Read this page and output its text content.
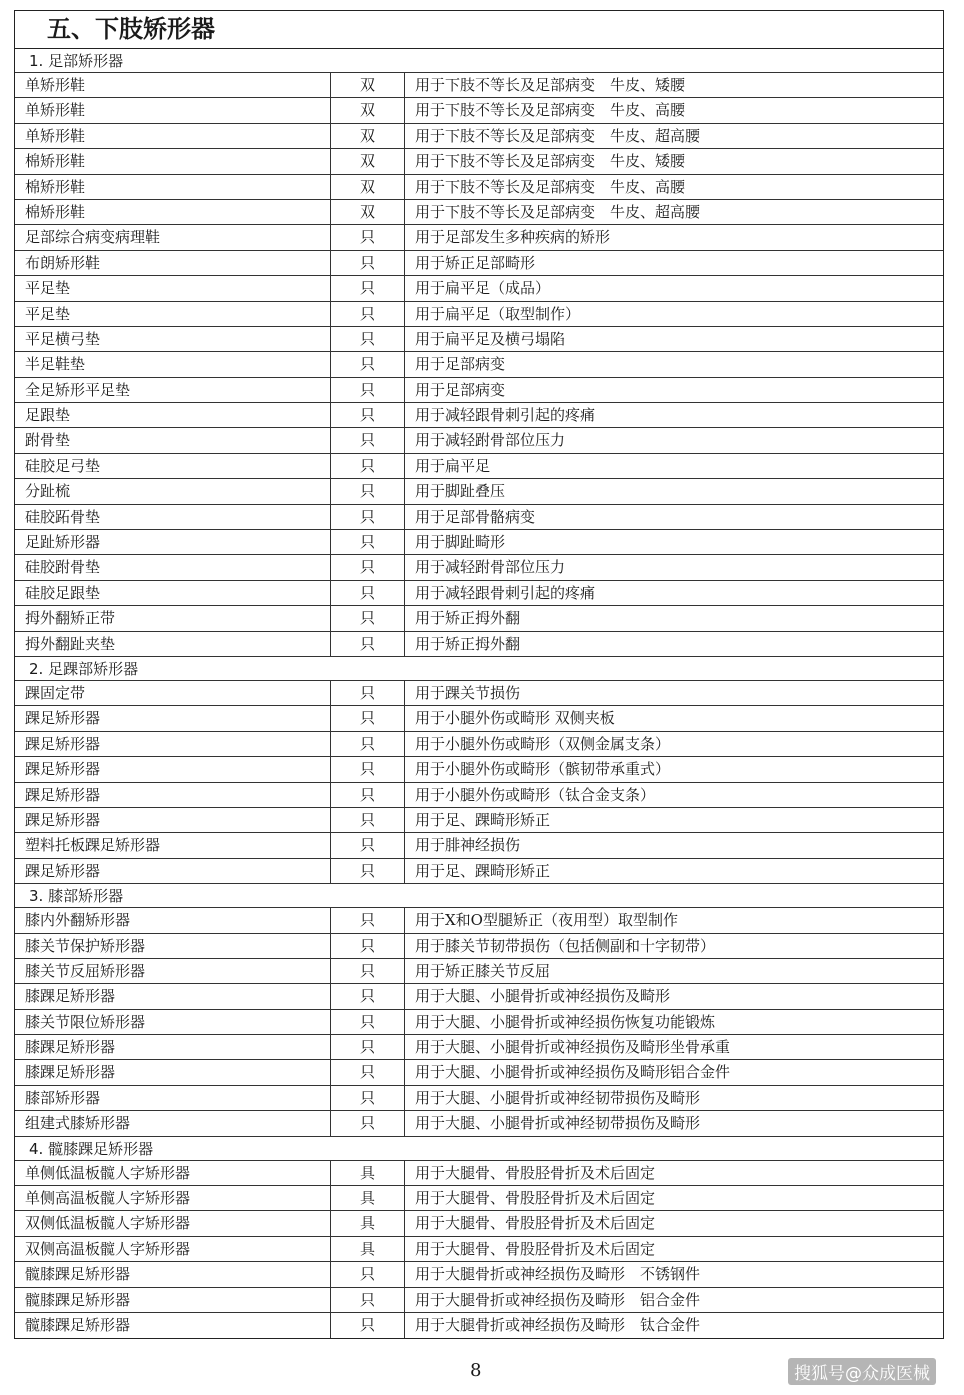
五、下肢矫形器
1. 足部矫形器
单矫形鞋	双	用于下肢不等长及足部病变　牛皮、矮腰
单矫形鞋	双	用于下肢不等长及足部病变　牛皮、高腰
单矫形鞋	双	用于下肢不等长及足部病变　牛皮、超高腰
棉矫形鞋	双	用于下肢不等长及足部病变　牛皮、矮腰
棉矫形鞋	双	用于下肢不等长及足部病变　牛皮、高腰
棉矫形鞋	双	用于下肢不等长及足部病变　牛皮、超高腰
足部综合病变病理鞋	只	用于足部发生多种疾病的矫形
布朗矫形鞋	只	用于矫正足部畸形
平足垫	只	用于扁平足（成品）
平足垫	只	用于扁平足（取型制作）
平足横弓垫	只	用于扁平足及横弓塌陷
半足鞋垫	只	用于足部病变
全足矫形平足垫	只	用于足部病变
足跟垫	只	用于减轻跟骨刺引起的疼痛
跗骨垫	只	用于减轻跗骨部位压力
硅胶足弓垫	只	用于扁平足
分趾梳	只	用于脚趾叠压
硅胶跖骨垫	只	用于足部骨骼病变
足趾矫形器	只	用于脚趾畸形
硅胶跗骨垫	只	用于减轻跗骨部位压力
硅胶足跟垫	只	用于减轻跟骨刺引起的疼痛
拇外翻矫正带	只	用于矫正拇外翻
拇外翻趾夹垫	只	用于矫正拇外翻
2. 足踝部矫形器
踝固定带	只	用于踝关节损伤
踝足矫形器	只	用于小腿外伤或畸形 双侧夹板
踝足矫形器	只	用于小腿外伤或畸形（双侧金属支条）
踝足矫形器	只	用于小腿外伤或畸形（髌韧带承重式）
踝足矫形器	只	用于小腿外伤或畸形（钛合金支条）
踝足矫形器	只	用于足、踝畸形矫正
塑料托板踝足矫形器	只	用于腓神经损伤
踝足矫形器	只	用于足、踝畸形矫正
3. 膝部矫形器
膝内外翻矫形器	只	用于X和O型腿矫正（夜用型）取型制作
膝关节保护矫形器	只	用于膝关节韧带损伤（包括侧副和十字韧带）
膝关节反屈矫形器	只	用于矫正膝关节反屈
膝踝足矫形器	只	用于大腿、小腿骨折或神经损伤及畸形
膝关节限位矫形器	只	用于大腿、小腿骨折或神经损伤恢复功能锻炼
膝踝足矫形器	只	用于大腿、小腿骨折或神经损伤及畸形坐骨承重
膝踝足矫形器	只	用于大腿、小腿骨折或神经损伤及畸形铝合金件
膝部矫形器	只	用于大腿、小腿骨折或神经韧带损伤及畸形
组建式膝矫形器	只	用于大腿、小腿骨折或神经韧带损伤及畸形
4. 髋膝踝足矫形器
单侧低温板髋人字矫形器	具	用于大腿骨、骨股胫骨折及术后固定
单侧高温板髋人字矫形器	具	用于大腿骨、骨股胫骨折及术后固定
双侧低温板髋人字矫形器	具	用于大腿骨、骨股胫骨折及术后固定
双侧高温板髋人字矫形器	具	用于大腿骨、骨股胫骨折及术后固定
髋膝踝足矫形器	只	用于大腿骨折或神经损伤及畸形　不锈钢件
髋膝踝足矫形器	只	用于大腿骨折或神经损伤及畸形　铝合金件
髋膝踝足矫形器	只	用于大腿骨折或神经损伤及畸形　钛合金件
8	搜狐号@众成医械
